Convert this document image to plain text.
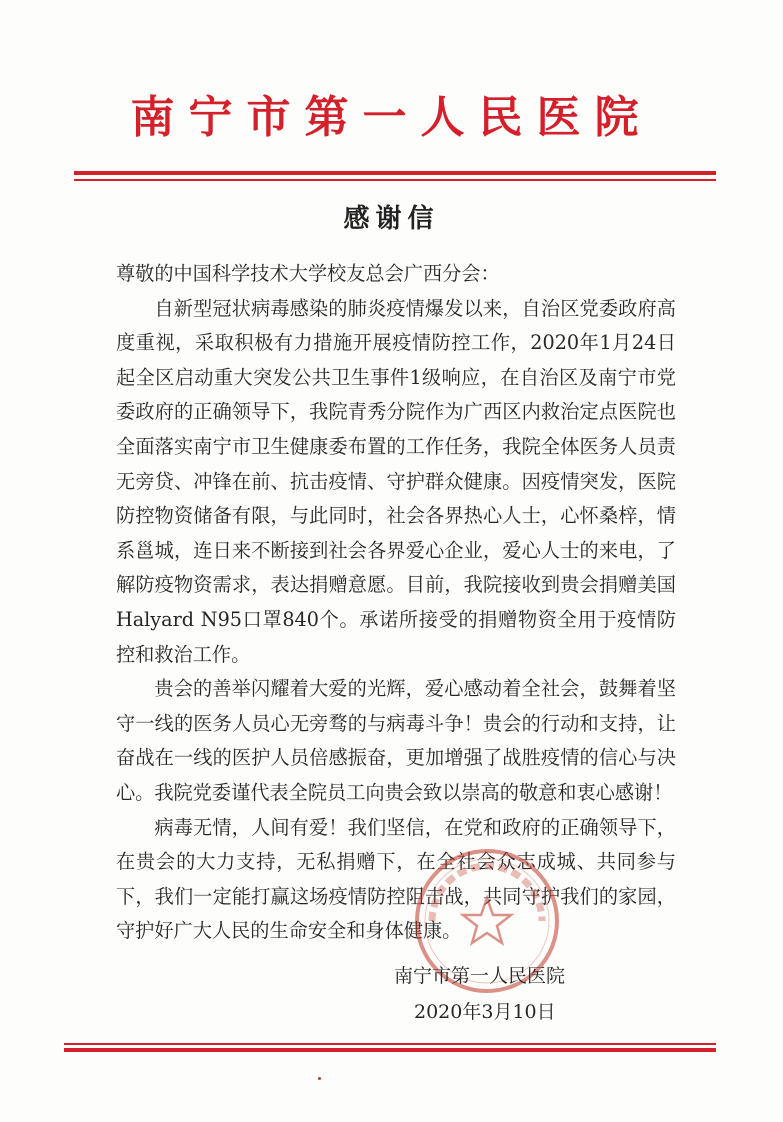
南宁市第一人民医院
感谢信

尊敬的中国科学技术大学校友总会广西分会：

自新型冠状病毒感染的肺炎疫情爆发以来，自治区党委政府高度重视，采取积极有力措施开展疫情防控工作，2020年1月24日起全区启动重大突发公共卫生事件1级响应，在自治区及南宁市党委政府的正确领导下，我院青秀分院作为广西区内救治定点医院也全面落实南宁市卫生健康委布置的工作任务，我院全体医务人员责无旁贷、冲锋在前、抗击疫情、守护群众健康。因疫情突发，医院防控物资储备有限，与此同时，社会各界热心人士，心怀桑梓，情系邕城，连日来不断接到社会各界爱心企业，爱心人士的来电，了解防疫物资需求，表达捐赠意愿。目前，我院接收到贵会捐赠美国Halyard N95口罩840个。承诺所接受的捐赠物资全用于疫情防控和救治工作。

贵会的善举闪耀着大爱的光辉，爱心感动着全社会，鼓舞着坚守一线的医务人员心无旁骛的与病毒斗争！贵会的行动和支持，让奋战在一线的医护人员倍感振奋，更加增强了战胜疫情的信心与决心。我院党委谨代表全院员工向贵会致以崇高的敬意和衷心感谢！

病毒无情，人间有爱！我们坚信，在党和政府的正确领导下，在贵会的大力支持，无私捐赠下，在全社会众志成城、共同参与下，我们一定能打赢这场疫情防控阻击战，共同守护我们的家园，守护好广大人民的生命安全和身体健康。

南宁市第一人民医院
2020年3月10日
